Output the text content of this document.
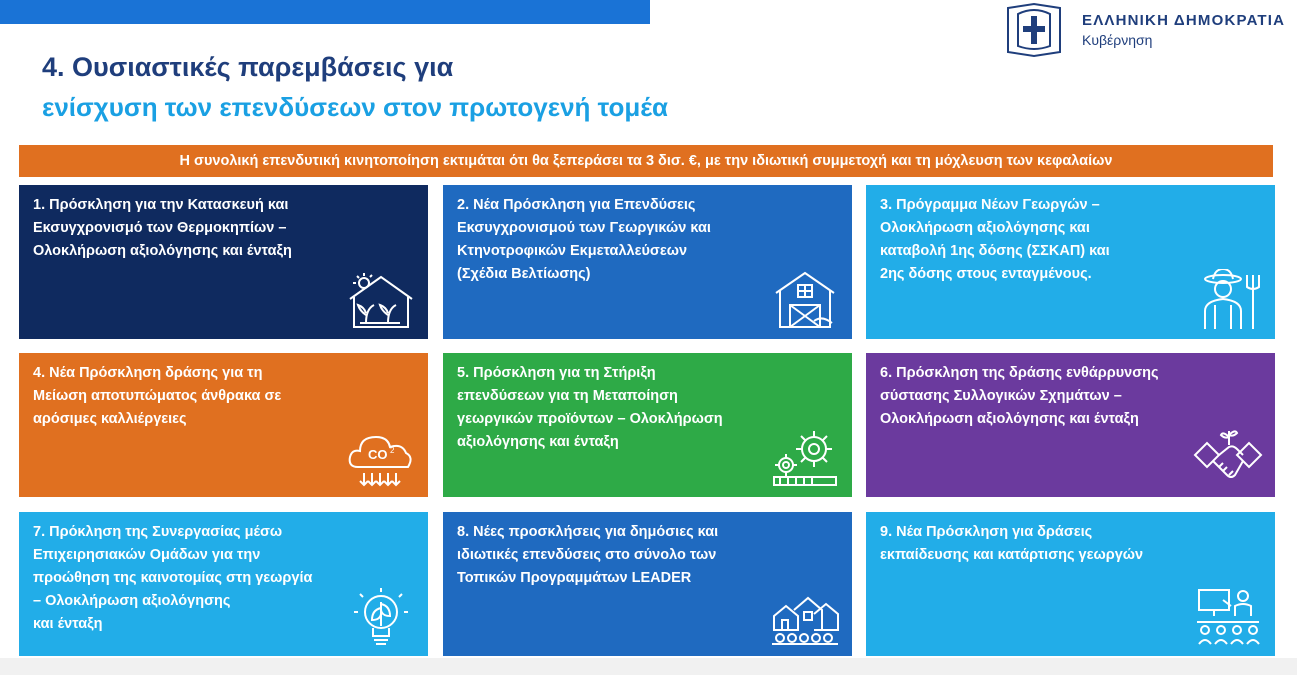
ΕΛΛΗΝΙΚΗ ΔΗΜΟΚΡΑΤΙΑ
Κυβέρνηση
4. Ουσιαστικές παρεμβάσεις για
ενίσχυση των επενδύσεων στον πρωτογενή τομέα
Η συνολική επενδυτική κινητοποίηση εκτιμάται ότι θα ξεπεράσει τα 3 δισ. €, με την ιδιωτική συμμετοχή και τη μόχλευση των κεφαλαίων
1. Πρόσκληση για την Κατασκευή και
Εκσυγχρονισμό των Θερμοκηπίων –
Ολοκλήρωση αξιολόγησης και ένταξη
2. Νέα Πρόσκληση για Επενδύσεις
Εκσυγχρονισμού των Γεωργικών και
Κτηνοτροφικών Εκμεταλλεύσεων
(Σχέδια Βελτίωσης)
3. Πρόγραμμα Νέων Γεωργών –
Ολοκλήρωση αξιολόγησης και
καταβολή 1ης δόσης (ΣΣΚΑΠ) και
2ης δόσης στους ενταγμένους.
4. Νέα Πρόσκληση δράσης για τη
Μείωση αποτυπώματος άνθρακα σε
αρόσιμες καλλιέργειες
CO 2
5. Πρόσκληση για τη Στήριξη
επενδύσεων για τη Μεταποίηση
γεωργικών προϊόντων – Ολοκλήρωση
αξιολόγησης και ένταξη
6. Πρόσκληση της δράσης ενθάρρυνσης
σύστασης Συλλογικών Σχημάτων –
Ολοκλήρωση αξιολόγησης και ένταξη
7. Πρόκληση της Συνεργασίας μέσω
Επιχειρησιακών Ομάδων για την
προώθηση της καινοτομίας στη γεωργία
– Ολοκλήρωση αξιολόγησης
και ένταξη
8. Νέες προσκλήσεις για δημόσιες και
ιδιωτικές επενδύσεις στο σύνολο των
Τοπικών Προγραμμάτων LEADER
9. Νέα Πρόσκληση για δράσεις
εκπαίδευσης και κατάρτισης γεωργών
